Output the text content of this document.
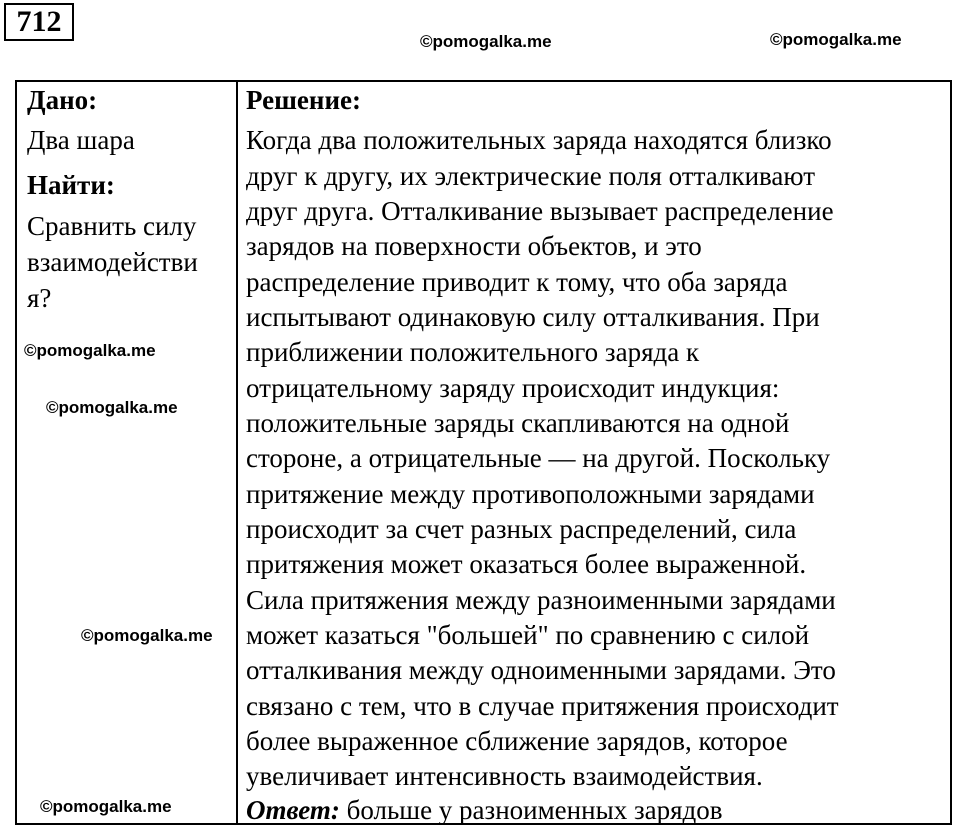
712
©pomogalka.me	©pomogalka.me
©pomogalka.me
©pomogalka.me
©pomogalka.me
©pomogalka.me
Дано:
Два шара
Найти:
Сравнить силу
взаимодействи
я?
Решение:
Когда два положительных заряда находятся близко
друг к другу, их электрические поля отталкивают
друг друга. Отталкивание вызывает распределение
зарядов на поверхности объектов, и это
распределение приводит к тому, что оба заряда
испытывают одинаковую силу отталкивания. При
приближении положительного заряда к
отрицательному заряду происходит индукция:
положительные заряды скапливаются на одной
стороне, а отрицательные — на другой. Поскольку
притяжение между противоположными зарядами
происходит за счет разных распределений, сила
притяжения может оказаться более выраженной.
Сила притяжения между разноименными зарядами
может казаться "большей" по сравнению с силой
отталкивания между одноименными зарядами. Это
связано с тем, что в случае притяжения происходит
более выраженное сближение зарядов, которое
увеличивает интенсивность взаимодействия.
Ответ: больше у разноименных зарядов
